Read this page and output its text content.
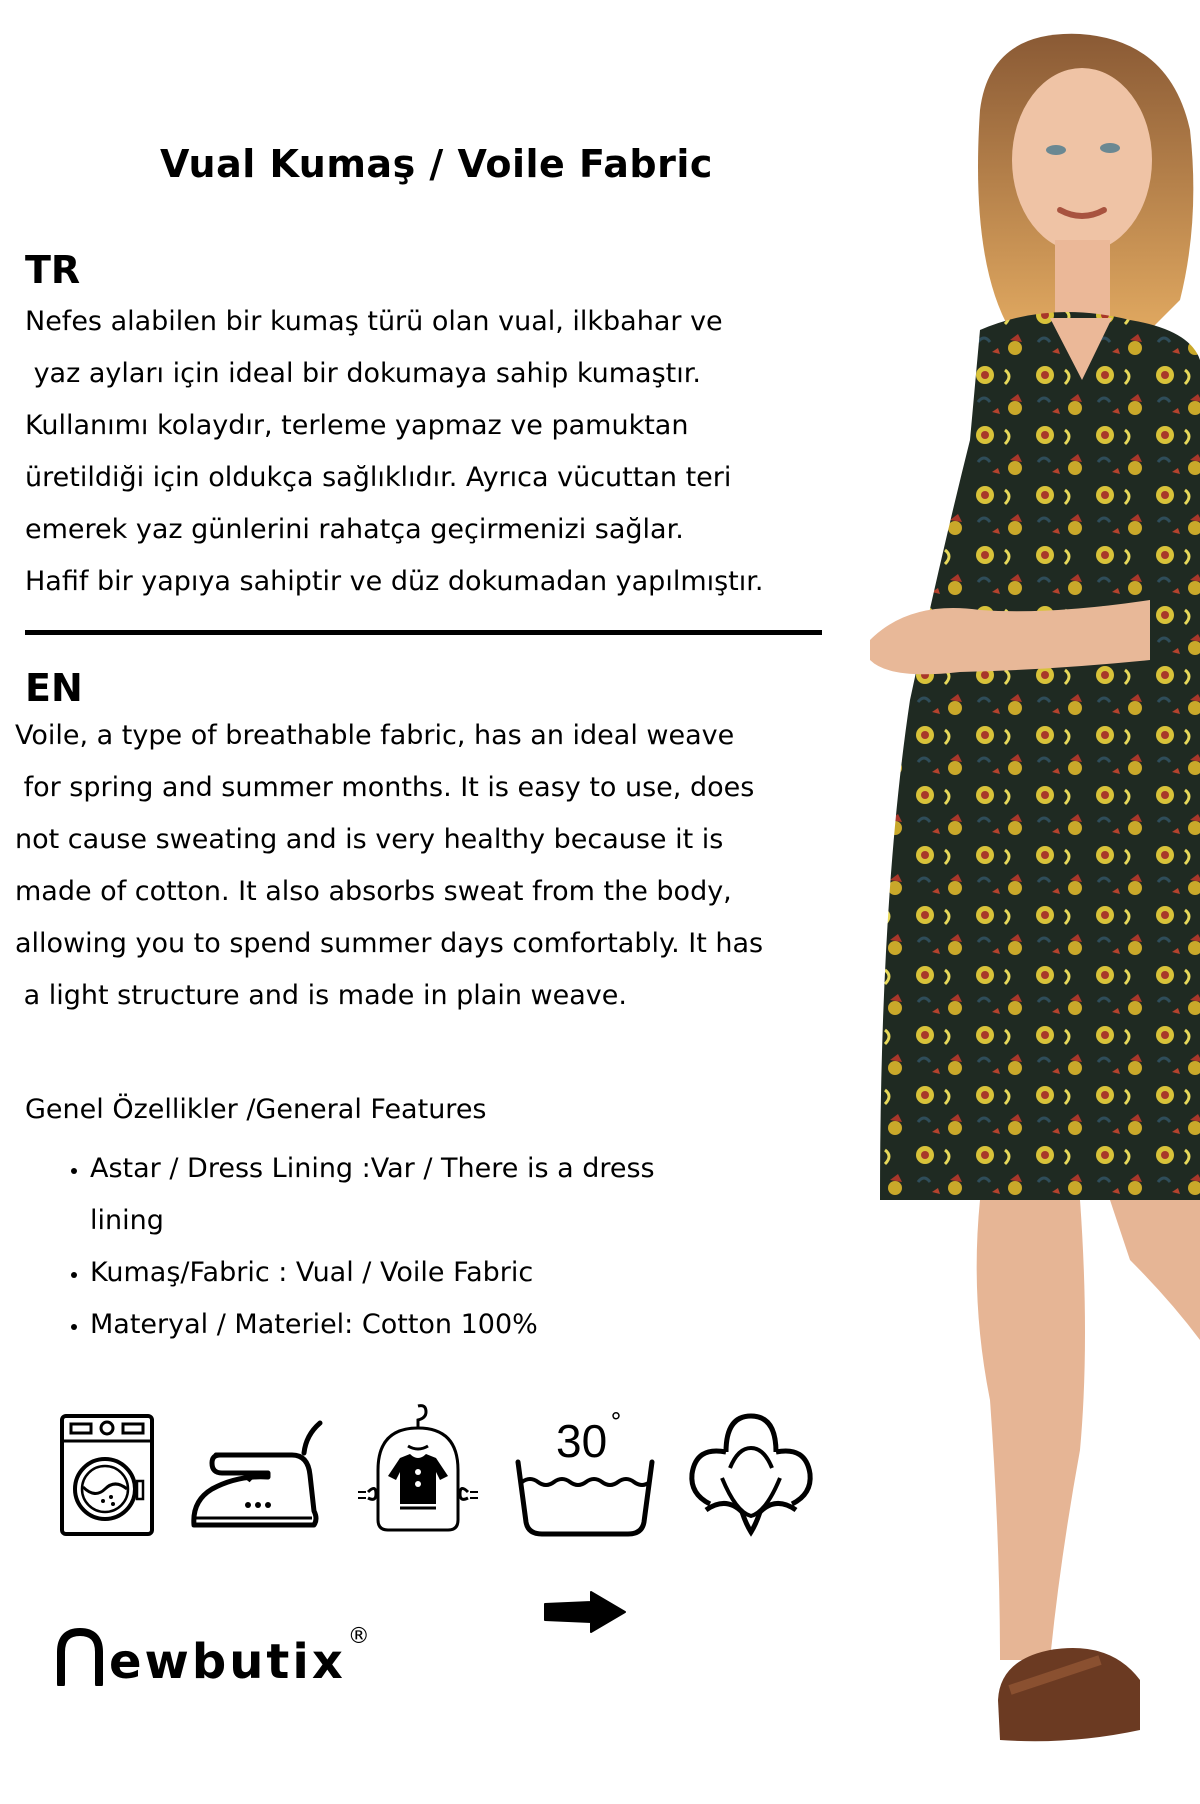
Vual Kumaş / Voile Fabric
TR
Nefes alabilen bir kumaş türü olan vual, ilkbahar ve
yaz ayları için ideal bir dokumaya sahip kumaştır.
Kullanımı kolaydır, terleme yapmaz ve pamuktan
üretildiği için oldukça sağlıklıdır. Ayrıca vücuttan teri
emerek yaz günlerini rahatça geçirmenizi sağlar.
Hafif bir yapıya sahiptir ve düz dokumadan yapılmıştır.
EN
Voile, a type of breathable fabric, has an ideal weave
for spring and summer months. It is easy to use, does
not cause sweating and is very healthy because it is
made of cotton. It also absorbs sweat from the body,
allowing you to spend summer days comfortably. It has
a light structure and is made in plain weave.
Genel Özellikler /General Features
• Astar / Dress Lining :Var / There is a dress
lining
• Kumaş/Fabric : Vual / Voile Fabric
• Materyal / Materiel: Cotton 100%
30 °
ewbutix ®
